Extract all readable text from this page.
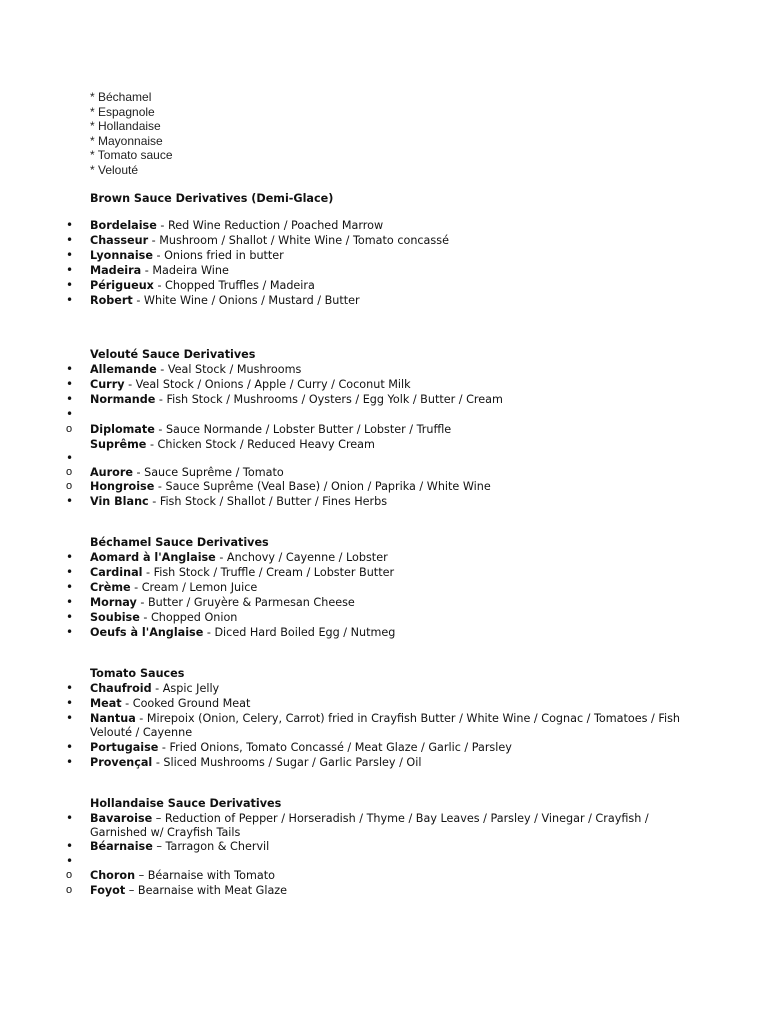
* Béchamel
* Espagnole
* Hollandaise
* Mayonnaise
* Tomato sauce
* Velouté
Brown Sauce Derivatives (Demi-Glace)
•	Bordelaise - Red Wine Reduction / Poached Marrow
•	Chasseur - Mushroom / Shallot / White Wine / Tomato concassé
•	Lyonnaise - Onions fried in butter
•	Madeira - Madeira Wine
•	Périgueux - Chopped Truffles / Madeira
•	Robert - White Wine / Onions / Mustard / Butter
Velouté Sauce Derivatives
•	Allemande - Veal Stock / Mushrooms
•	Curry - Veal Stock / Onions / Apple / Curry / Coconut Milk
•	Normande - Fish Stock / Mushrooms / Oysters / Egg Yolk / Butter / Cream
•
o	Diplomate - Sauce Normande / Lobster Butter / Lobster / Truffle
Suprême - Chicken Stock / Reduced Heavy Cream
•
o	Aurore - Sauce Suprême / Tomato
o	Hongroise - Sauce Suprême (Veal Base) / Onion / Paprika / White Wine
•	Vin Blanc - Fish Stock / Shallot / Butter / Fines Herbs
Béchamel Sauce Derivatives
•	Aomard à l'Anglaise - Anchovy / Cayenne / Lobster
•	Cardinal - Fish Stock / Truffle / Cream / Lobster Butter
•	Crème - Cream / Lemon Juice
•	Mornay - Butter / Gruyère & Parmesan Cheese
•	Soubise - Chopped Onion
•	Oeufs à l'Anglaise - Diced Hard Boiled Egg / Nutmeg
Tomato Sauces
•	Chaufroid - Aspic Jelly
•	Meat - Cooked Ground Meat
•	Nantua - Mirepoix (Onion, Celery, Carrot) fried in Crayfish Butter / White Wine / Cognac / Tomatoes / Fish Velouté / Cayenne
•	Portugaise - Fried Onions, Tomato Concassé / Meat Glaze / Garlic / Parsley
•	Provençal - Sliced Mushrooms / Sugar / Garlic Parsley / Oil
Hollandaise Sauce Derivatives
•	Bavaroise – Reduction of Pepper / Horseradish / Thyme / Bay Leaves / Parsley / Vinegar / Crayfish / Garnished w/ Crayfish Tails
•	Béarnaise – Tarragon & Chervil
•
o	Choron – Béarnaise with Tomato
o	Foyot – Bearnaise with Meat Glaze
